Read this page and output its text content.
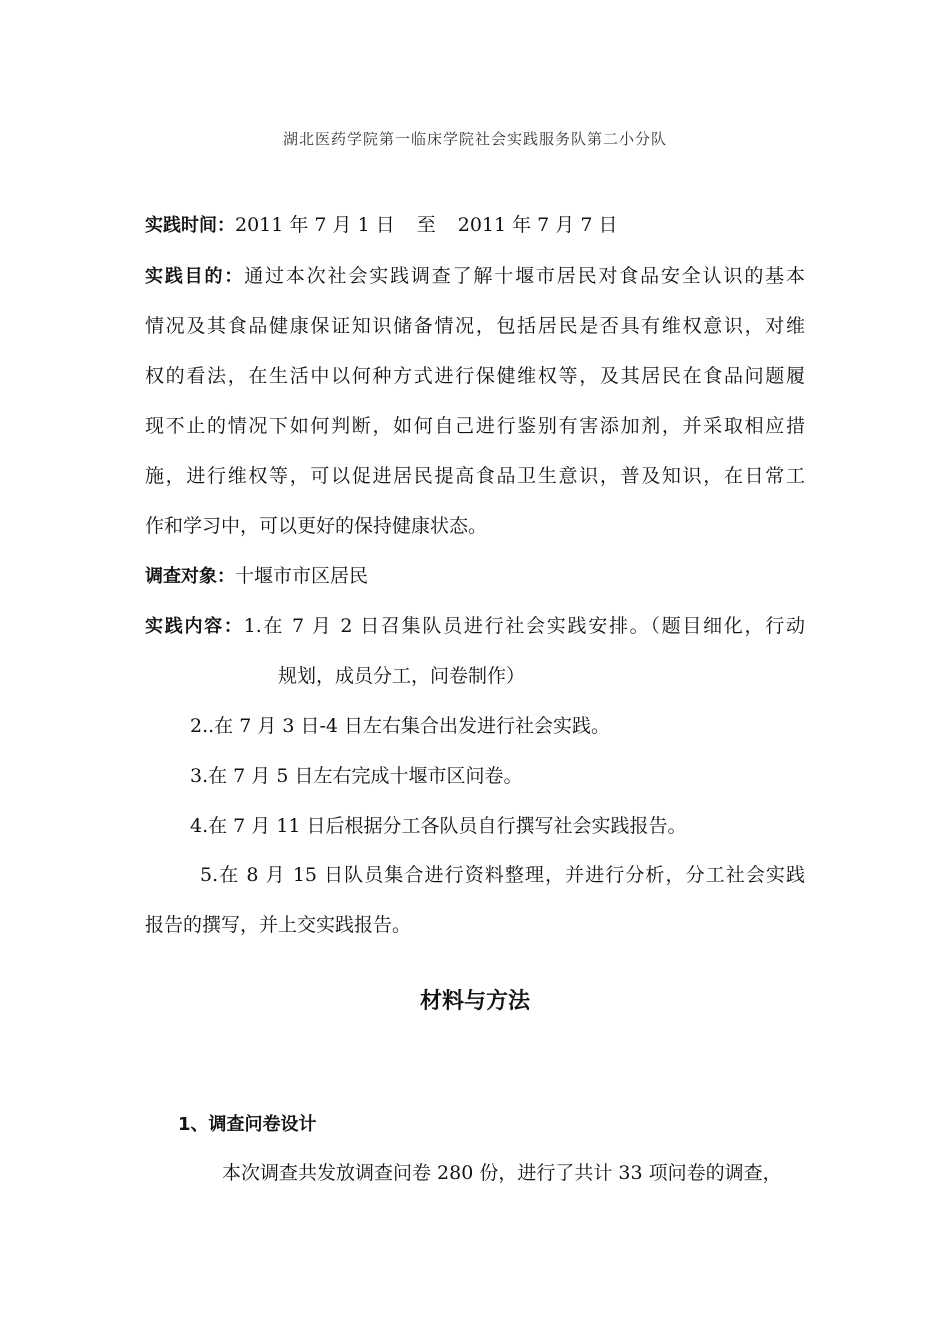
湖北医药学院第一临床学院社会实践服务队第二小分队
实践时间：2011 年 7 月 1 日 至 2011 年 7 月 7 日
实践目的：通过本次社会实践调查了解十堰市居民对食品安全认识的基本
情况及其食品健康保证知识储备情况，包括居民是否具有维权意识，对维
权的看法，在生活中以何种方式进行保健维权等，及其居民在食品问题履
现不止的情况下如何判断，如何自己进行鉴别有害添加剂，并采取相应措
施，进行维权等，可以促进居民提高食品卫生意识，普及知识，在日常工
作和学习中，可以更好的保持健康状态。
调查对象：十堰市市区居民
实践内容：1.在 7 月 2 日召集队员进行社会实践安排。（题目细化，行动
规划，成员分工，问卷制作）
2..在 7 月 3 日-4 日左右集合出发进行社会实践。
3.在 7 月 5 日左右完成十堰市区问卷。
4.在 7 月 11 日后根据分工各队员自行撰写社会实践报告。
5.在 8 月 15 日队员集合进行资料整理，并进行分析，分工社会实践
报告的撰写，并上交实践报告。
材料与方法
1、调查问卷设计
本次调查共发放调查问卷 280 份，进行了共计 33 项问卷的调查，
